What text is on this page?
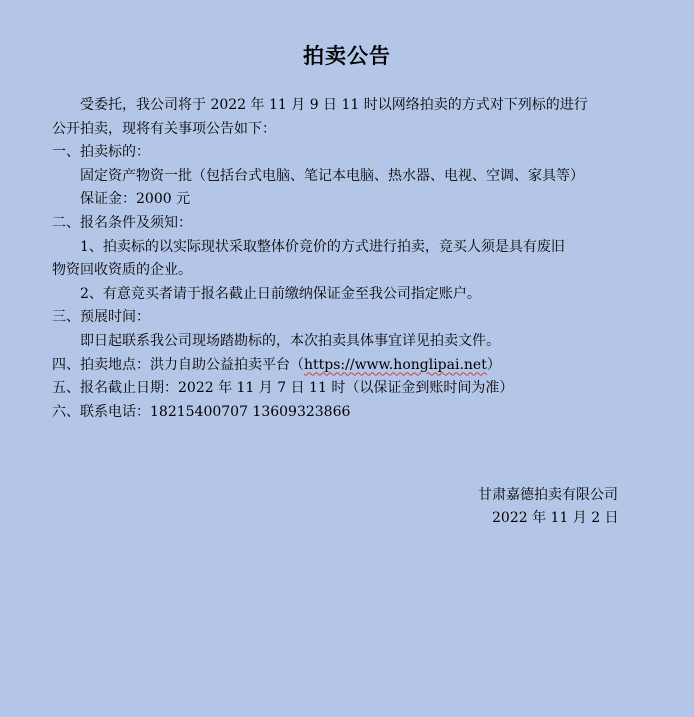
拍卖公告
受委托，我公司将于 2022 年 11 月 9 日 11 时以网络拍卖的方式对下列标的进行
公开拍卖，现将有关事项公告如下：
一、拍卖标的：
固定资产物资一批（包括台式电脑、笔记本电脑、热水器、电视、空调、家具等）
保证金：2000 元
二、报名条件及须知：
1、拍卖标的以实际现状采取整体价竞价的方式进行拍卖，竞买人须是具有废旧
物资回收资质的企业。
2、有意竞买者请于报名截止日前缴纳保证金至我公司指定账户。
三、预展时间：
即日起联系我公司现场踏勘标的，本次拍卖具体事宜详见拍卖文件。
四、拍卖地点：洪力自助公益拍卖平台（https://www.honglipai.net）
五、报名截止日期：2022 年 11 月 7 日 11 时（以保证金到账时间为准）
六、联系电话：18215400707 13609323866
甘肃嘉德拍卖有限公司
2022 年 11 月 2 日
